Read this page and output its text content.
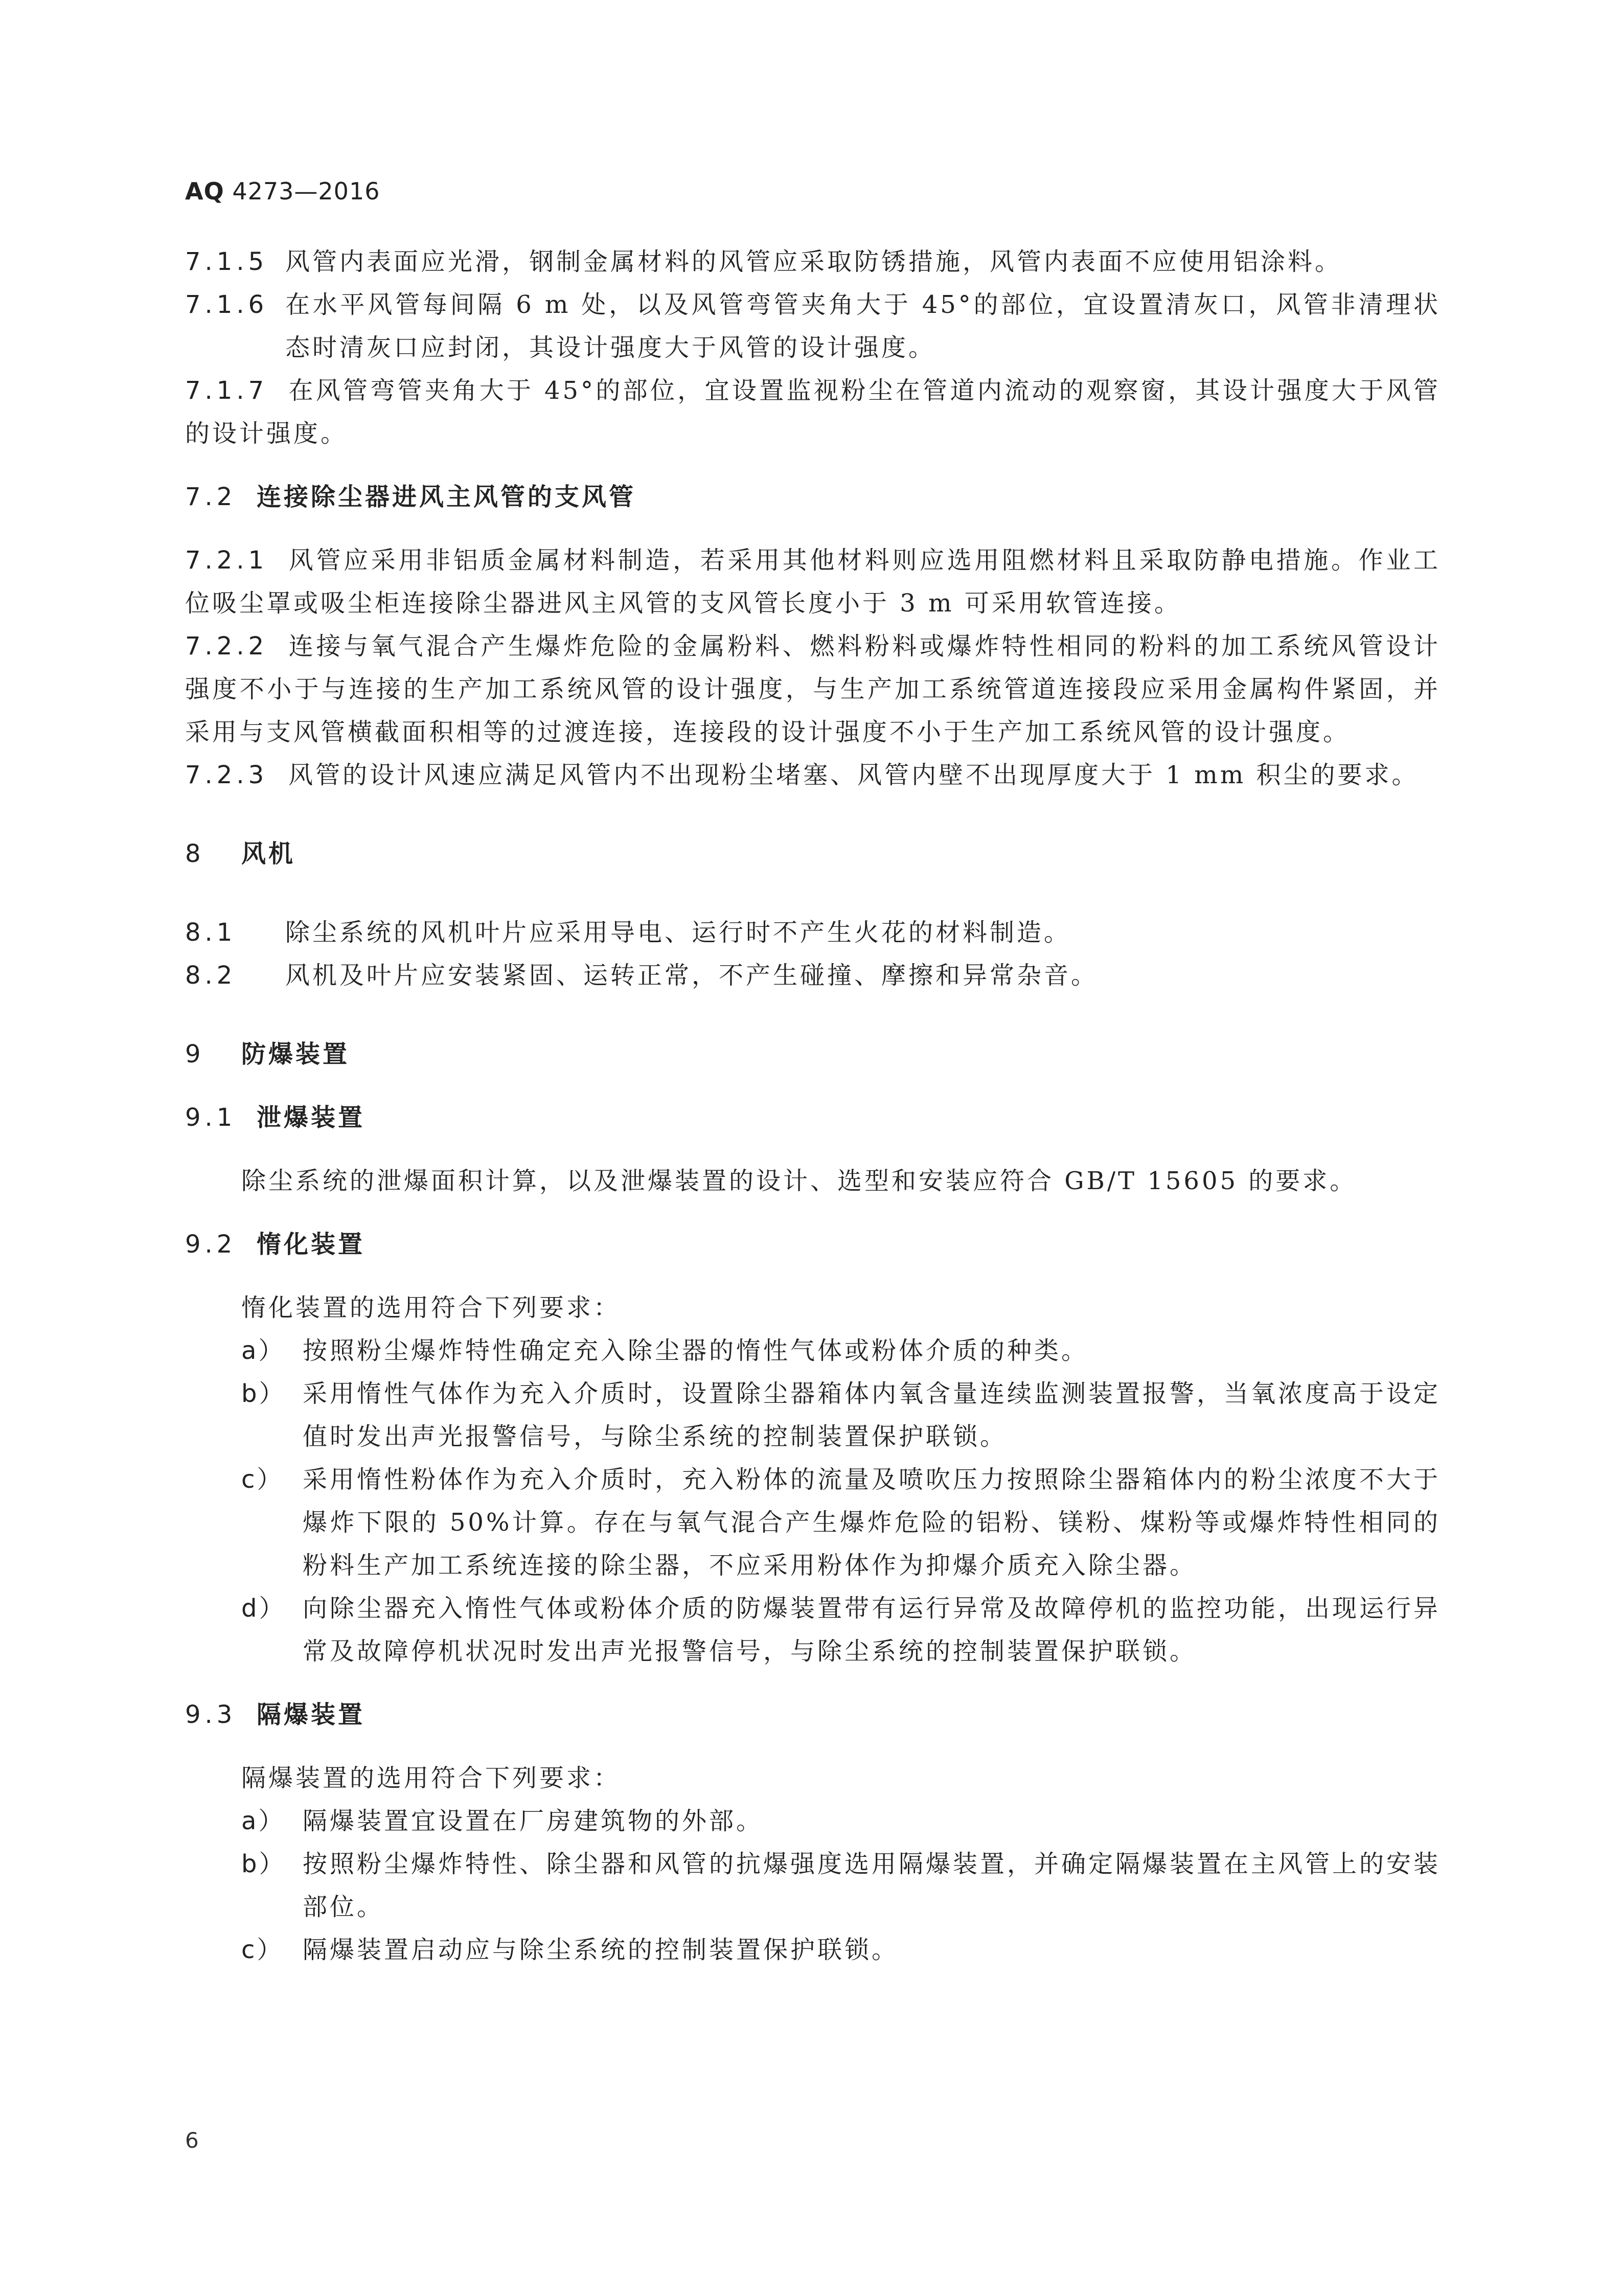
AQ 4273—2016
7.1.5 风管内表面应光滑，钢制金属材料的风管应采取防锈措施，风管内表面不应使用铝涂料。
7.1.6 在水平风管每间隔 6 m 处，以及风管弯管夹角大于 45°的部位，宜设置清灰口，风管非清理状态时清灰口应封闭，其设计强度大于风管的设计强度。
7.1.7 在风管弯管夹角大于 45°的部位，宜设置监视粉尘在管道内流动的观察窗，其设计强度大于风管的设计强度。
7.2 连接除尘器进风主风管的支风管
7.2.1 风管应采用非铝质金属材料制造，若采用其他材料则应选用阻燃材料且采取防静电措施。作业工位吸尘罩或吸尘柜连接除尘器进风主风管的支风管长度小于 3 m 可采用软管连接。
7.2.2 连接与氧气混合产生爆炸危险的金属粉料、燃料粉料或爆炸特性相同的粉料的加工系统风管设计强度不小于与连接的生产加工系统风管的设计强度，与生产加工系统管道连接段应采用金属构件紧固，并采用与支风管横截面积相等的过渡连接，连接段的设计强度不小于生产加工系统风管的设计强度。
7.2.3 风管的设计风速应满足风管内不出现粉尘堵塞、风管内壁不出现厚度大于 1 mm 积尘的要求。
8 风机
8.1 除尘系统的风机叶片应采用导电、运行时不产生火花的材料制造。
8.2 风机及叶片应安装紧固、运转正常，不产生碰撞、摩擦和异常杂音。
9 防爆装置
9.1 泄爆装置
除尘系统的泄爆面积计算，以及泄爆装置的设计、选型和安装应符合 GB/T 15605 的要求。
9.2 惰化装置
惰化装置的选用符合下列要求：
a） 按照粉尘爆炸特性确定充入除尘器的惰性气体或粉体介质的种类。
b） 采用惰性气体作为充入介质时，设置除尘器箱体内氧含量连续监测装置报警，当氧浓度高于设定值时发出声光报警信号，与除尘系统的控制装置保护联锁。
c） 采用惰性粉体作为充入介质时，充入粉体的流量及喷吹压力按照除尘器箱体内的粉尘浓度不大于爆炸下限的 50%计算。存在与氧气混合产生爆炸危险的铝粉、镁粉、煤粉等或爆炸特性相同的粉料生产加工系统连接的除尘器，不应采用粉体作为抑爆介质充入除尘器。
d） 向除尘器充入惰性气体或粉体介质的防爆装置带有运行异常及故障停机的监控功能，出现运行异常及故障停机状况时发出声光报警信号，与除尘系统的控制装置保护联锁。
9.3 隔爆装置
隔爆装置的选用符合下列要求：
a） 隔爆装置宜设置在厂房建筑物的外部。
b） 按照粉尘爆炸特性、除尘器和风管的抗爆强度选用隔爆装置，并确定隔爆装置在主风管上的安装部位。
c） 隔爆装置启动应与除尘系统的控制装置保护联锁。
6
